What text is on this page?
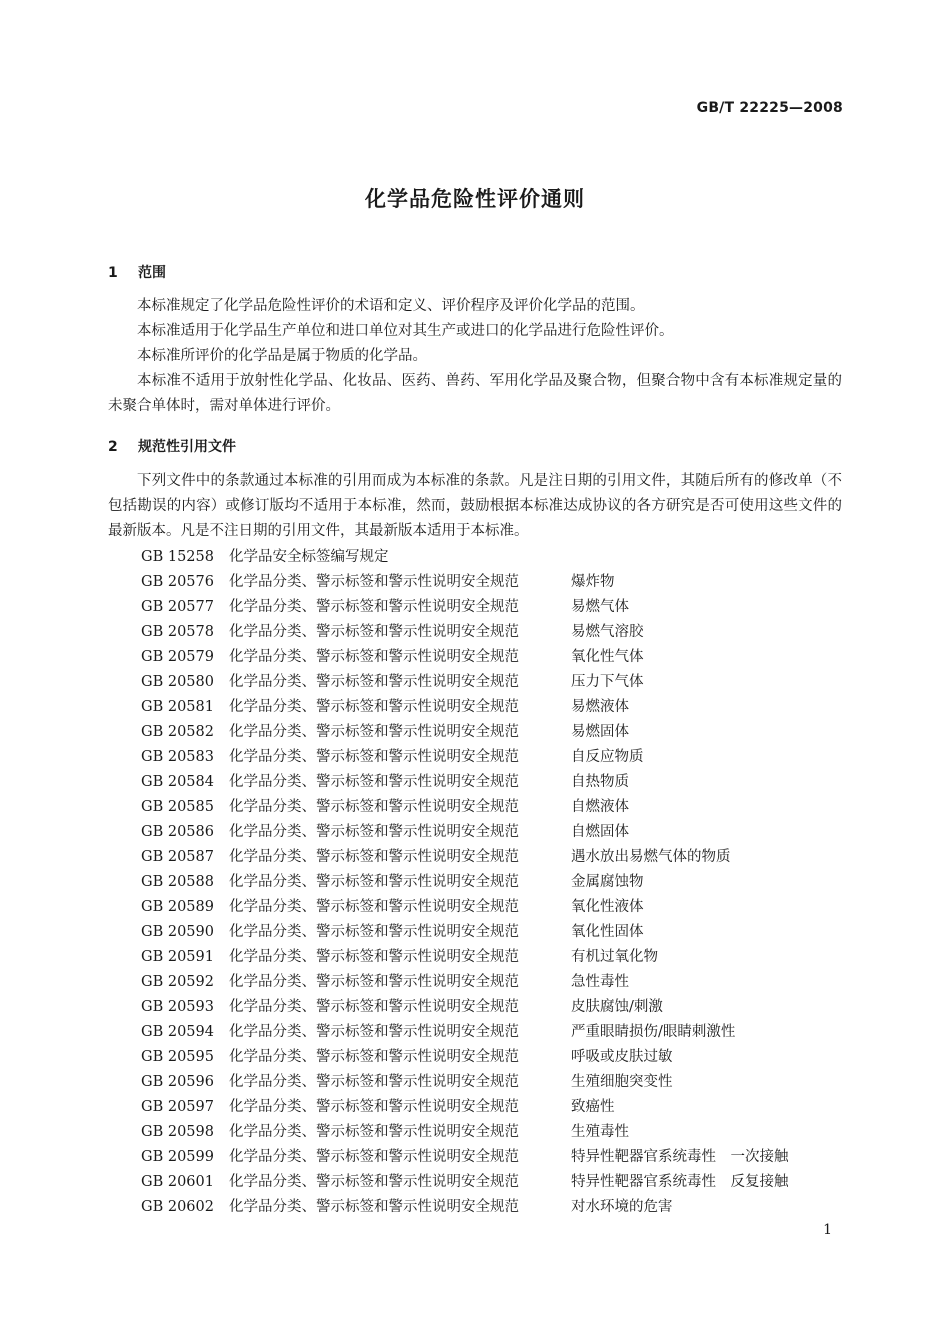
GB/T 22225—2008
化学品危险性评价通则
1 范围

本标准规定了化学品危险性评价的术语和定义、评价程序及评价化学品的范围。

本标准适用于化学品生产单位和进口单位对其生产或进口的化学品进行危险性评价。

本标准所评价的化学品是属于物质的化学品。

本标准不适用于放射性化学品、化妆品、医药、兽药、军用化学品及聚合物，但聚合物中含有本标准规定量的未聚合单体时，需对单体进行评价。

2 规范性引用文件

下列文件中的条款通过本标准的引用而成为本标准的条款。凡是注日期的引用文件，其随后所有的修改单（不包括勘误的内容）或修订版均不适用于本标准，然而，鼓励根据本标准达成协议的各方研究是否可使用这些文件的最新版本。凡是不注日期的引用文件，其最新版本适用于本标准。

GB 15258 化学品安全标签编写规定
GB 20576 化学品分类、警示标签和警示性说明安全规范	爆炸物
GB 20577 化学品分类、警示标签和警示性说明安全规范	易燃气体
GB 20578 化学品分类、警示标签和警示性说明安全规范	易燃气溶胶
GB 20579 化学品分类、警示标签和警示性说明安全规范	氧化性气体
GB 20580 化学品分类、警示标签和警示性说明安全规范	压力下气体
GB 20581 化学品分类、警示标签和警示性说明安全规范	易燃液体
GB 20582 化学品分类、警示标签和警示性说明安全规范	易燃固体
GB 20583 化学品分类、警示标签和警示性说明安全规范	自反应物质
GB 20584 化学品分类、警示标签和警示性说明安全规范	自热物质
GB 20585 化学品分类、警示标签和警示性说明安全规范	自燃液体
GB 20586 化学品分类、警示标签和警示性说明安全规范	自燃固体
GB 20587 化学品分类、警示标签和警示性说明安全规范	遇水放出易燃气体的物质
GB 20588 化学品分类、警示标签和警示性说明安全规范	金属腐蚀物
GB 20589 化学品分类、警示标签和警示性说明安全规范	氧化性液体
GB 20590 化学品分类、警示标签和警示性说明安全规范	氧化性固体
GB 20591 化学品分类、警示标签和警示性说明安全规范	有机过氧化物
GB 20592 化学品分类、警示标签和警示性说明安全规范	急性毒性
GB 20593 化学品分类、警示标签和警示性说明安全规范	皮肤腐蚀/刺激
GB 20594 化学品分类、警示标签和警示性说明安全规范	严重眼睛损伤/眼睛刺激性
GB 20595 化学品分类、警示标签和警示性说明安全规范	呼吸或皮肤过敏
GB 20596 化学品分类、警示标签和警示性说明安全规范	生殖细胞突变性
GB 20597 化学品分类、警示标签和警示性说明安全规范	致癌性
GB 20598 化学品分类、警示标签和警示性说明安全规范	生殖毒性
GB 20599 化学品分类、警示标签和警示性说明安全规范	特异性靶器官系统毒性　一次接触
GB 20601 化学品分类、警示标签和警示性说明安全规范	特异性靶器官系统毒性　反复接触
GB 20602 化学品分类、警示标签和警示性说明安全规范	对水环境的危害
1
